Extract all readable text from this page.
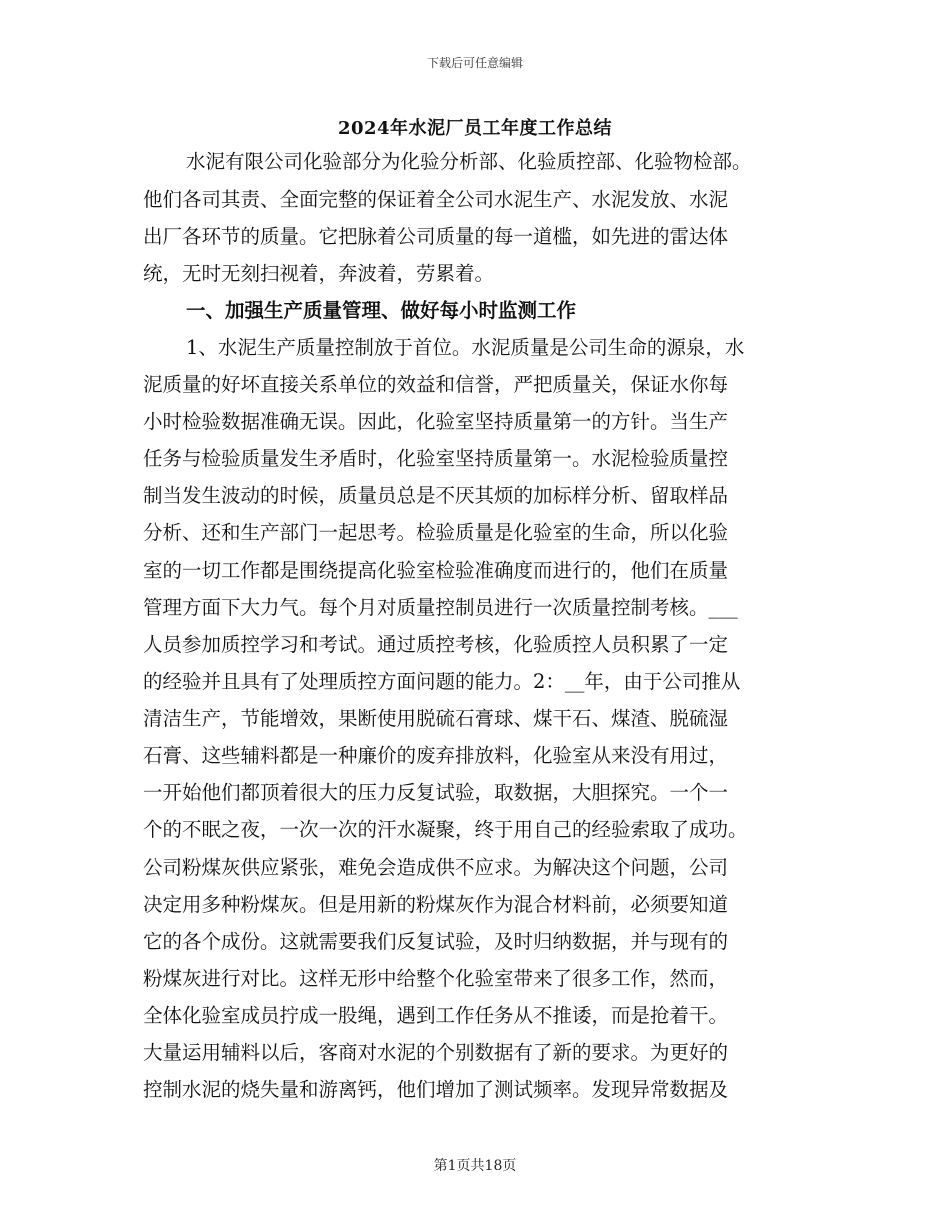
下载后可任意编辑
2024年水泥厂员工年度工作总结
水泥有限公司化验部分为化验分析部、化验质控部、化验物检部。
他们各司其责、全面完整的保证着全公司水泥生产、水泥发放、水泥
出厂各环节的质量。它把脉着公司质量的每一道槛，如先进的雷达体
统，无时无刻扫视着，奔波着，劳累着。
一、加强生产质量管理、做好每小时监测工作
1、水泥生产质量控制放于首位。水泥质量是公司生命的源泉，水
泥质量的好坏直接关系单位的效益和信誉，严把质量关，保证水你每
小时检验数据准确无误。因此，化验室坚持质量第一的方针。当生产
任务与检验质量发生矛盾时，化验室坚持质量第一。水泥检验质量控
制当发生波动的时候，质量员总是不厌其烦的加标样分析、留取样品
分析、还和生产部门一起思考。检验质量是化验室的生命，所以化验
室的一切工作都是围绕提高化验室检验准确度而进行的，他们在质量
管理方面下大力气。每个月对质量控制员进行一次质量控制考核。___
人员参加质控学习和考试。通过质控考核，化验质控人员积累了一定
的经验并且具有了处理质控方面问题的能力。2：__年，由于公司推从
清洁生产，节能增效，果断使用脱硫石膏球、煤干石、煤渣、脱硫湿
石膏、这些辅料都是一种廉价的废弃排放料，化验室从来没有用过，
一开始他们都顶着很大的压力反复试验，取数据，大胆探究。一个一
个的不眠之夜，一次一次的汗水凝聚，终于用自己的经验索取了成功。
公司粉煤灰供应紧张，难免会造成供不应求。为解决这个问题，公司
决定用多种粉煤灰。但是用新的粉煤灰作为混合材料前，必须要知道
它的各个成份。这就需要我们反复试验，及时归纳数据，并与现有的
粉煤灰进行对比。这样无形中给整个化验室带来了很多工作，然而，
全体化验室成员拧成一股绳，遇到工作任务从不推诿，而是抢着干。
大量运用辅料以后，客商对水泥的个别数据有了新的要求。为更好的
控制水泥的烧失量和游离钙，他们增加了测试频率。发现异常数据及
第1页共18页
